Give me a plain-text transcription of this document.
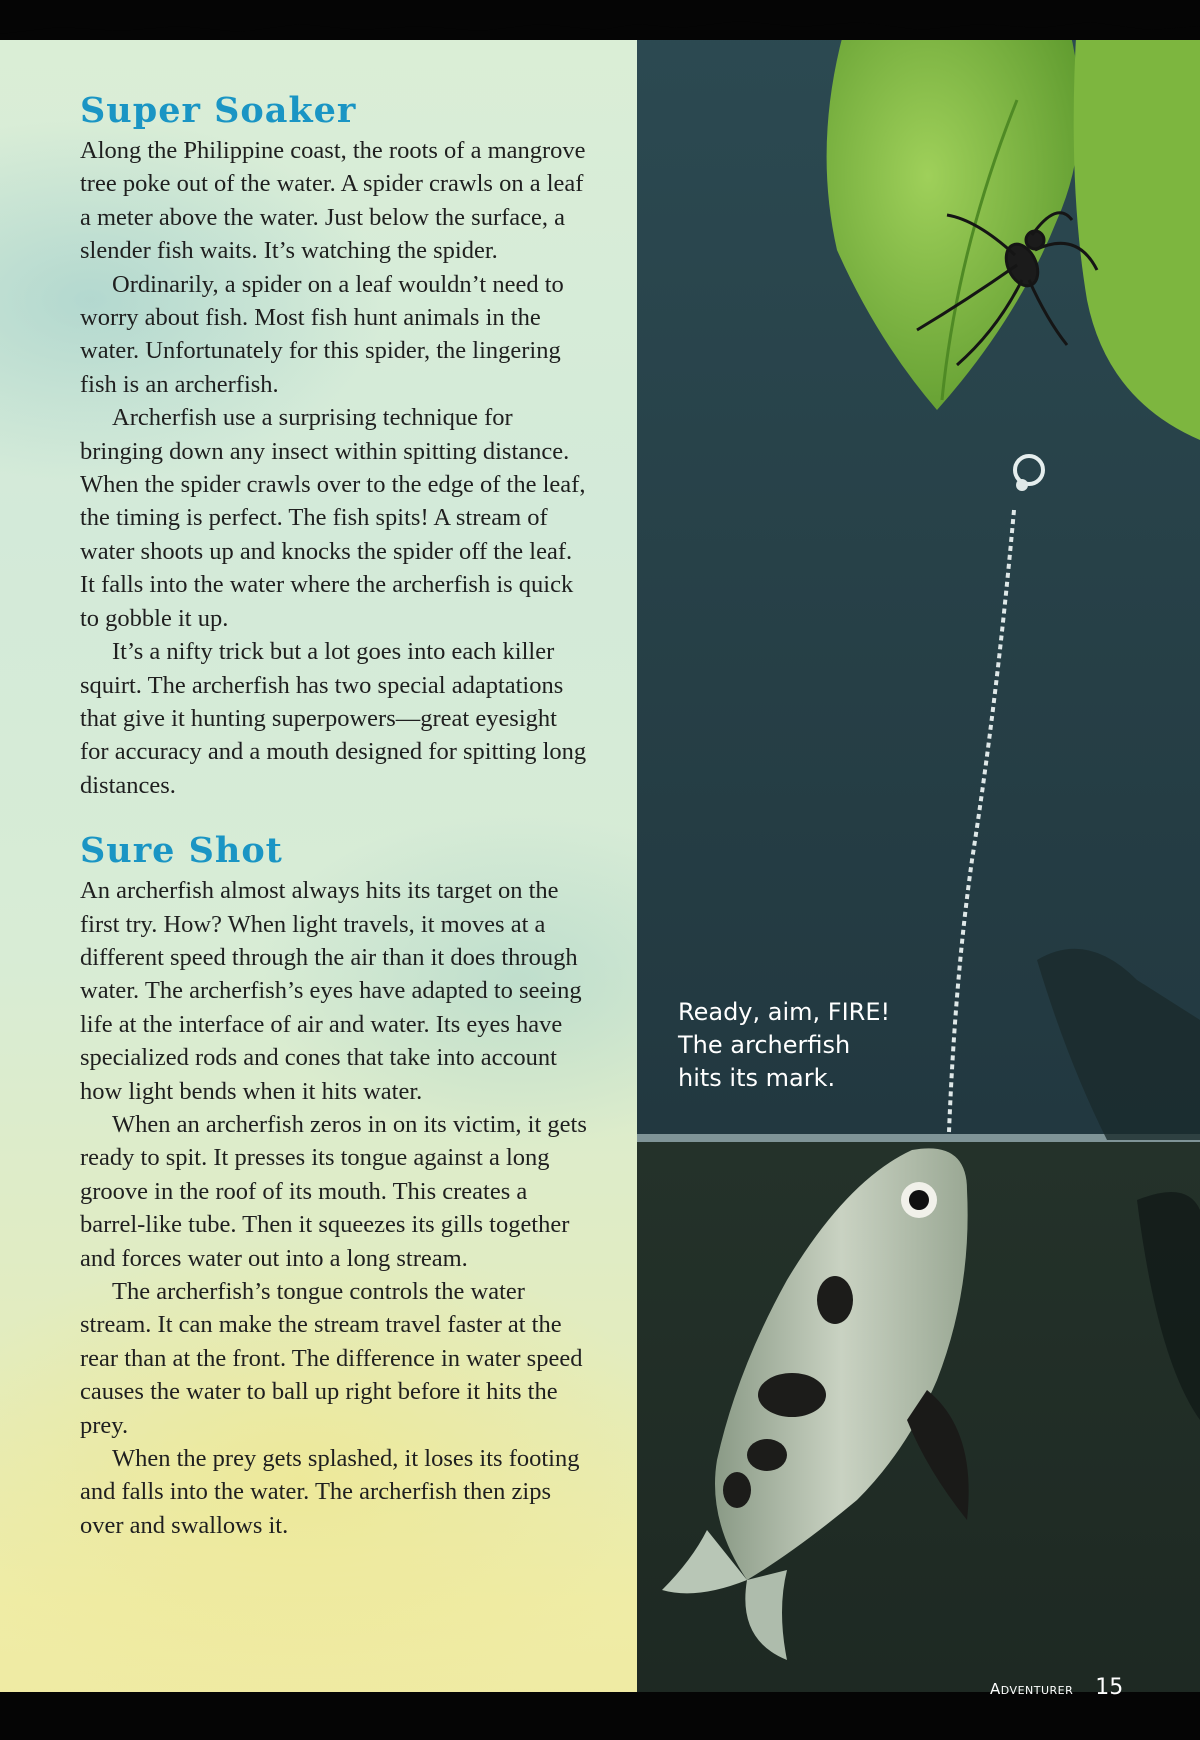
Super Soaker

Along the Philippine coast, the roots of a mangrove tree poke out of the water. A spider crawls on a leaf a meter above the water. Just below the surface, a slender fish waits. It’s watching the spider.

Ordinarily, a spider on a leaf wouldn’t need to worry about fish. Most fish hunt animals in the water. Unfortunately for this spider, the lingering fish is an archerfish.

Archerfish use a surprising technique for bringing down any insect within spitting distance. When the spider crawls over to the edge of the leaf, the timing is perfect. The fish spits! A stream of water shoots up and knocks the spider off the leaf. It falls into the water where the archerfish is quick to gobble it up.

It’s a nifty trick but a lot goes into each killer squirt. The archerfish has two special adaptations that give it hunting superpowers—great eyesight for accuracy and a mouth designed for spitting long distances.

Sure Shot

An archerfish almost always hits its target on the first try. How? When light travels, it moves at a different speed through the air than it does through water. The archerfish’s eyes have adapted to seeing life at the interface of air and water. Its eyes have specialized rods and cones that take into account how light bends when it hits water.

When an archerfish zeros in on its victim, it gets ready to spit. It presses its tongue against a long groove in the roof of its mouth. This creates a barrel-like tube. Then it squeezes its gills together and forces water out into a long stream.

The archerfish’s tongue controls the water stream. It can make the stream travel faster at the rear than at the front. The difference in water speed causes the water to ball up right before it hits the prey.

When the prey gets splashed, it loses its footing and falls into the water. The archerfish then zips over and swallows it.

Ready, aim, FIRE!
The archerfish
hits its mark.
Adventurer 15
